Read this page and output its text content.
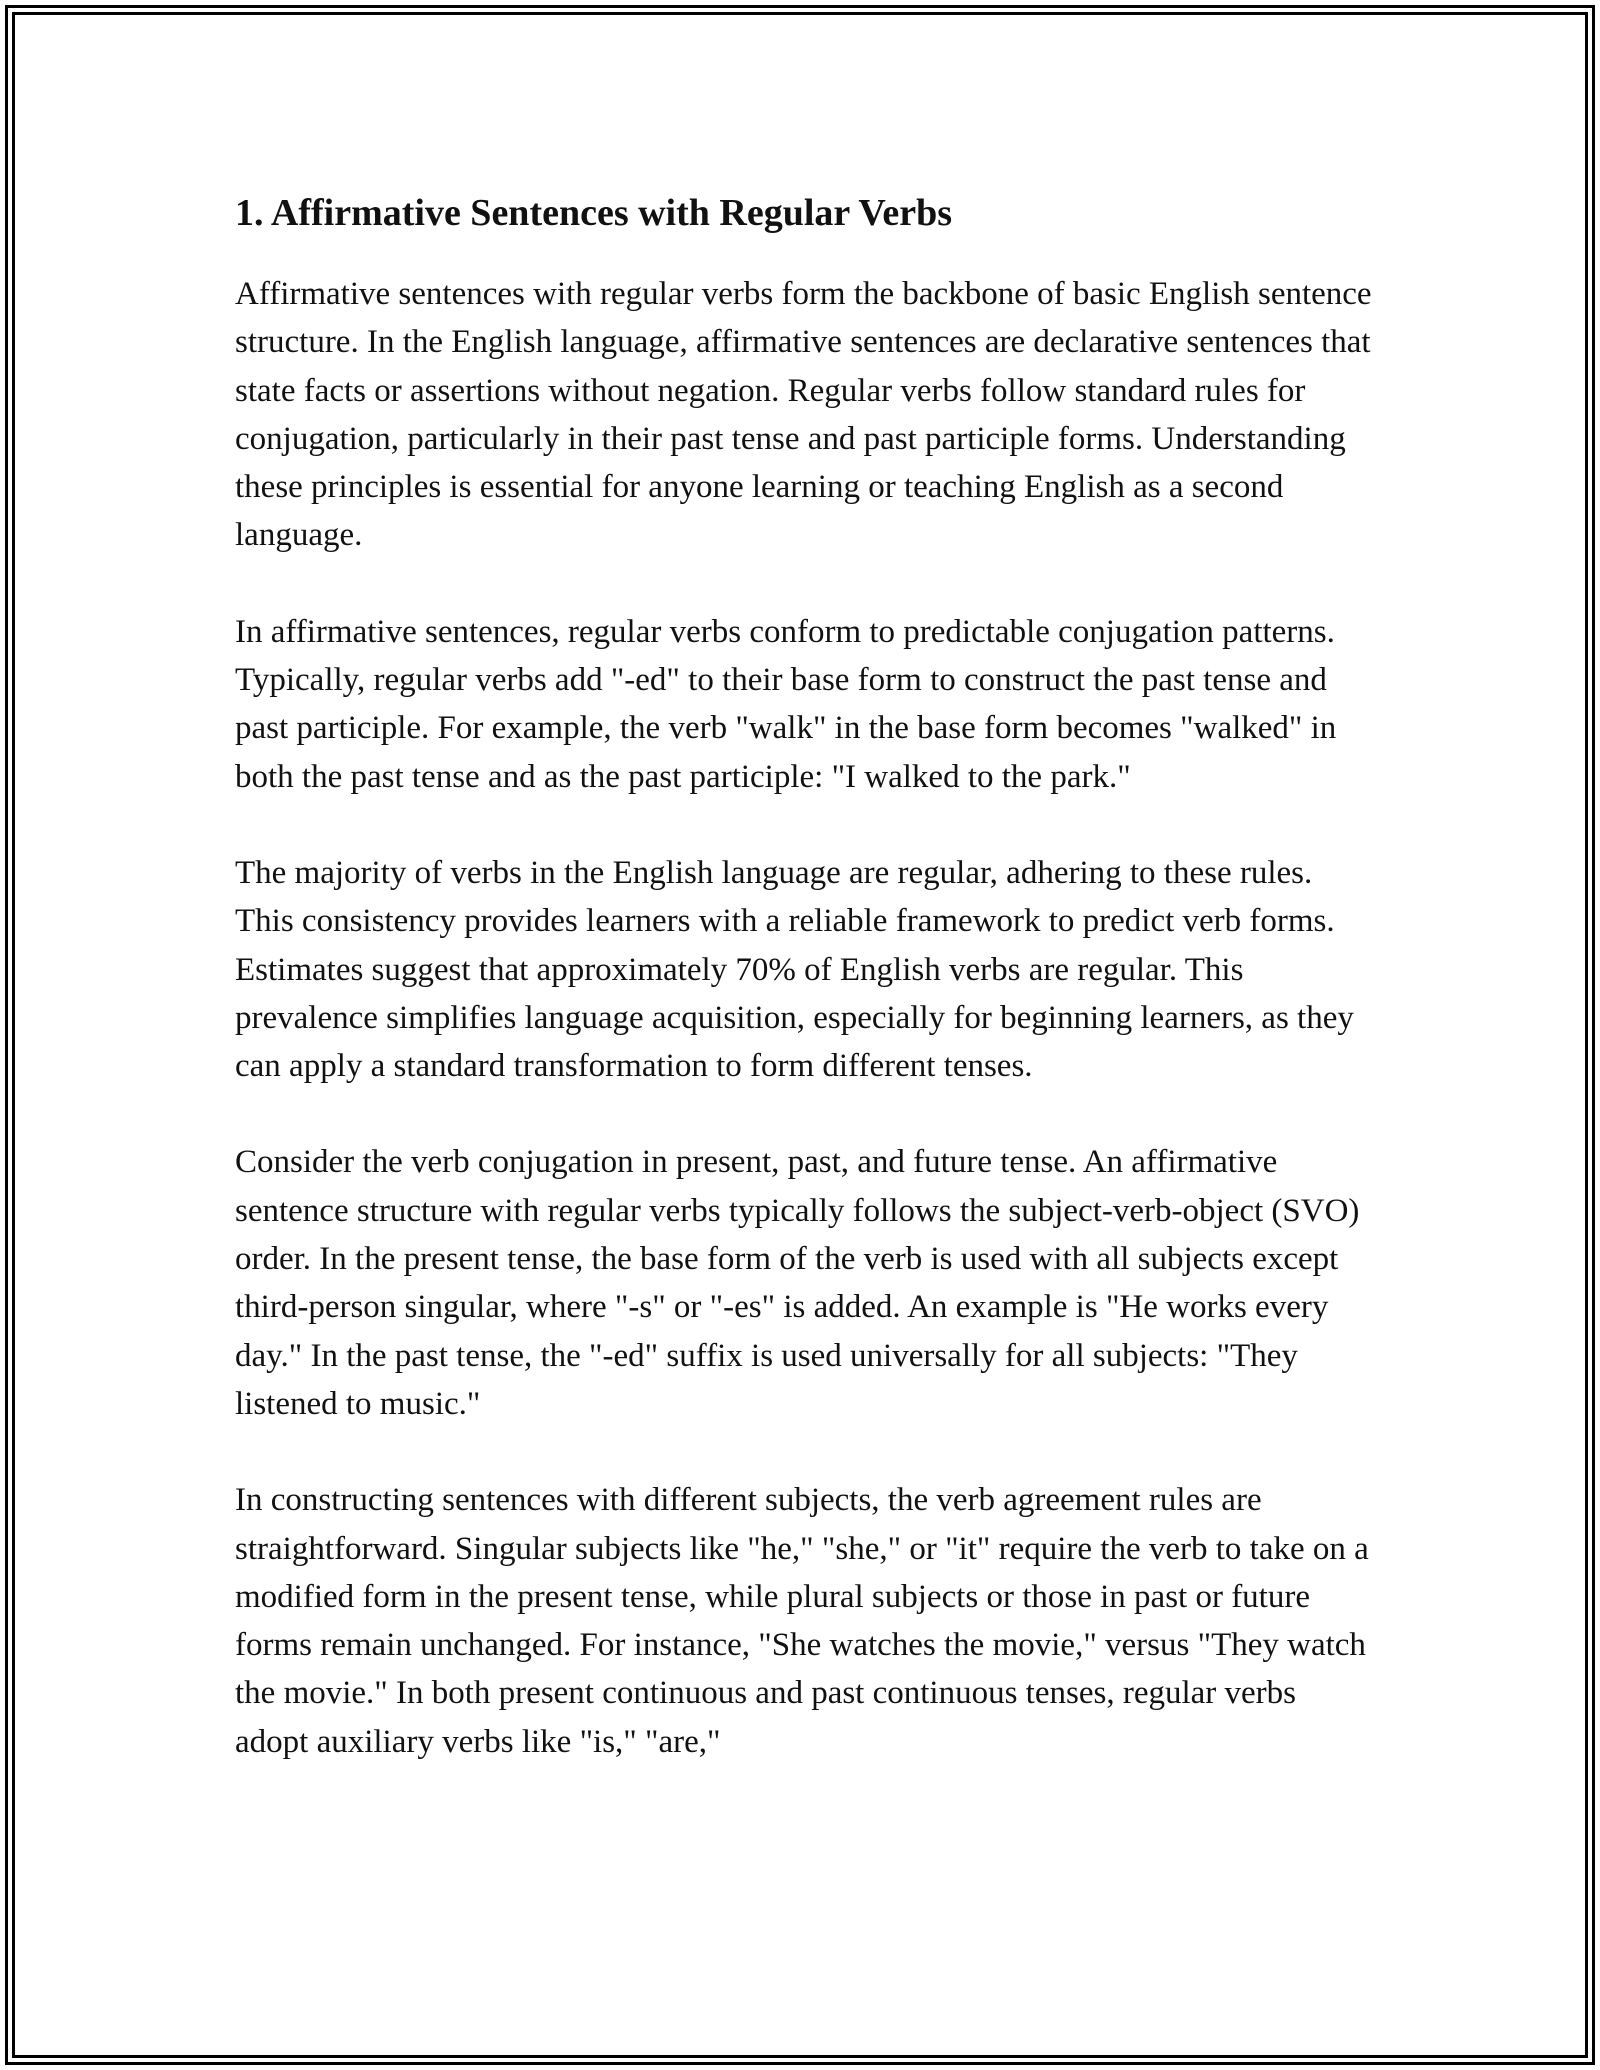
1. Affirmative Sentences with Regular Verbs

Affirmative sentences with regular verbs form the backbone of basic English sentence structure. In the English language, affirmative sentences are declarative sentences that state facts or assertions without negation. Regular verbs follow standard rules for conjugation, particularly in their past tense and past participle forms. Understanding these principles is essential for anyone learning or teaching English as a second language.

In affirmative sentences, regular verbs conform to predictable conjugation patterns. Typically, regular verbs add "-ed" to their base form to construct the past tense and past participle. For example, the verb "walk" in the base form becomes "walked" in both the past tense and as the past participle: "I walked to the park."

The majority of verbs in the English language are regular, adhering to these rules. This consistency provides learners with a reliable framework to predict verb forms. Estimates suggest that approximately 70% of English verbs are regular. This prevalence simplifies language acquisition, especially for beginning learners, as they can apply a standard transformation to form different tenses.

Consider the verb conjugation in present, past, and future tense. An affirmative sentence structure with regular verbs typically follows the subject-verb-object (SVO) order. In the present tense, the base form of the verb is used with all subjects except third-person singular, where "-s" or "-es" is added. An example is "He works every day." In the past tense, the "-ed" suffix is used universally for all subjects: "They listened to music."

In constructing sentences with different subjects, the verb agreement rules are straightforward. Singular subjects like "he," "she," or "it" require the verb to take on a modified form in the present tense, while plural subjects or those in past or future forms remain unchanged. For instance, "She watches the movie," versus "They watch the movie." In both present continuous and past continuous tenses, regular verbs adopt auxiliary verbs like "is," "are,"
